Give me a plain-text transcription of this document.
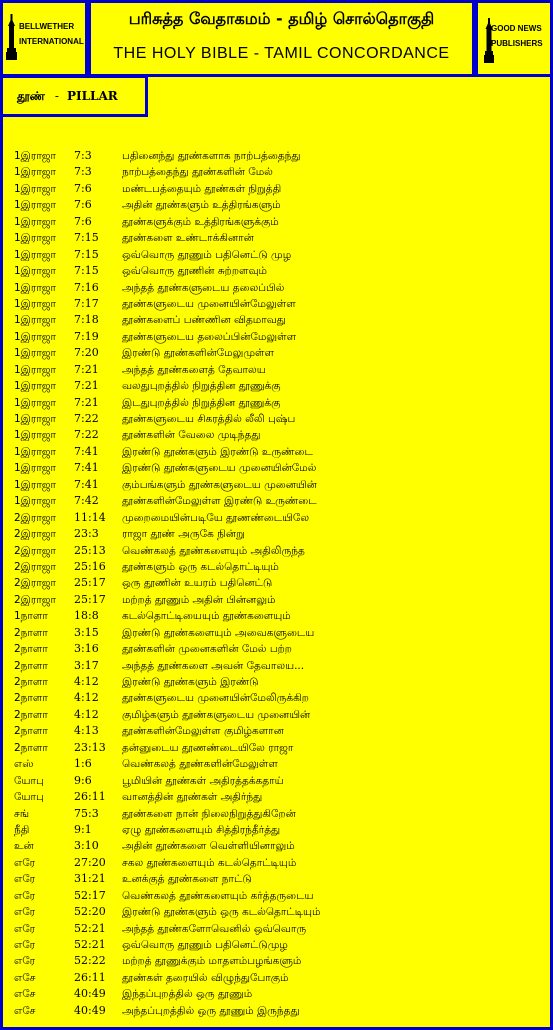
BELLWETHER
INTERNATIONAL
பரிசுத்த வேதாகமம் - தமிழ் சொல்தொகுதி
THE HOLY BIBLE - TAMIL CONCORDANCE
GOOD NEWS
PUBLISHERS
தூண் - PILLAR
1இராஜா	7:3	பதினைந்து தூண்களாக நாற்பத்தைந்து
1இராஜா	7:3	நாற்பத்தைந்து தூண்களின் மேல்
1இராஜா	7:6	மண்டபத்தையும் தூண்கள் நிறுத்தி
1இராஜா	7:6	அதின் தூண்களும் உத்திரங்களும்
1இராஜா	7:6	தூண்களுக்கும் உத்திரங்களுக்கும்
1இராஜா	7:15	தூண்களை உண்டாக்கினான்
1இராஜா	7:15	ஒவ்வொரு தூணும் பதினெட்டு முழ
1இராஜா	7:15	ஒவ்வொரு தூணின் சுற்றளவும்
1இராஜா	7:16	அந்தத் தூண்களுடைய தலைப்பில்
1இராஜா	7:17	தூண்களுடைய முனையின்மேலுள்ள
1இராஜா	7:18	தூண்களைப் பண்ணின விதமாவது
1இராஜா	7:19	தூண்களுடைய தலைப்பின்மேலுள்ள
1இராஜா	7:20	இரண்டு தூண்களின்மேலுமுள்ள
1இராஜா	7:21	அந்தத் தூண்களைத் தேவாலய
1இராஜா	7:21	வலதுபுறத்தில் நிறுத்தின தூணுக்கு
1இராஜா	7:21	இடதுபுறத்தில் நிறுத்தின தூணுக்கு
1இராஜா	7:22	தூண்களுடைய சிகரத்தில் லீலி புஷ்ப
1இராஜா	7:22	தூண்களின் வேலை முடிந்தது
1இராஜா	7:41	இரண்டு தூண்களும் இரண்டு உருண்டை
1இராஜா	7:41	இரண்டு தூண்களுடைய முனையின்மேல்
1இராஜா	7:41	கும்பங்களும் தூண்களுடைய முனையின்
1இராஜா	7:42	தூண்களின்மேலுள்ள இரண்டு உருண்டை
2இராஜா	11:14	முறைமையின்படியே தூணண்டையிலே
2இராஜா	23:3	ராஜா தூண் அருகே நின்று
2இராஜா	25:13	வெண்கலத் தூண்களையும் அதிலிருந்த
2இராஜா	25:16	தூண்களும் ஒரு கடல்தொட்டியும்
2இராஜா	25:17	ஒரு தூணின் உயரம் பதினெட்டு
2இராஜா	25:17	மற்றத் தூணும் அதின் பின்னலும்
1நாளா	18:8	கடல்தொட்டியையும் தூண்களையும்
2நாளா	3:15	இரண்டு தூண்களையும் அவைகளுடைய
2நாளா	3:16	தூண்களின் முனைகளின் மேல் பற்ற
2நாளா	3:17	அந்தத் தூண்களை அவன் தேவாலய...
2நாளா	4:12	இரண்டு தூண்களும் இரண்டு
2நாளா	4:12	தூண்களுடைய முனையின்மேலிருக்கிற
2நாளா	4:12	குமிழ்களும் தூண்களுடைய முனையின்
2நாளா	4:13	தூண்களின்மேலுள்ள குமிழ்களான
2நாளா	23:13	தன்னுடைய தூணண்டையிலே ராஜா
எஸ்	1:6	வெண்கலத் தூண்களின்மேலுள்ள
யோபு	9:6	பூமியின் தூண்கள் அதிரத்தக்கதாய்
யோபு	26:11	வானத்தின் தூண்கள் அதிர்ந்து
சங்	75:3	தூண்களை நான் நிலைநிறுத்துகிறேன்
நீதி	9:1	ஏழு தூண்களையும் சித்திரந்தீர்த்து
உன்	3:10	அதின் தூண்களை வெள்ளியினாலும்
எரே	27:20	சகல தூண்களையும் கடல்தொட்டியும்
எரே	31:21	உனக்குத் தூண்களை நாட்டு
எரே	52:17	வெண்கலத் தூண்களையும் கர்த்தருடைய
எரே	52:20	இரண்டு தூண்களும் ஒரு கடல்தொட்டியும்
எரே	52:21	அந்தத் தூண்களோவெனில் ஒவ்வொரு
எரே	52:21	ஒவ்வொரு தூணும் பதினெட்டுமுழ
எரே	52:22	மற்றத் தூணுக்கும் மாதளம்பழங்களும்
எசே	26:11	தூண்கள் தரையில் விழுந்துபோகும்
எசே	40:49	இந்தப்புறத்தில் ஒரு தூணும்
எசே	40:49	அந்தப்புறத்தில் ஒரு தூணும் இருந்தது
